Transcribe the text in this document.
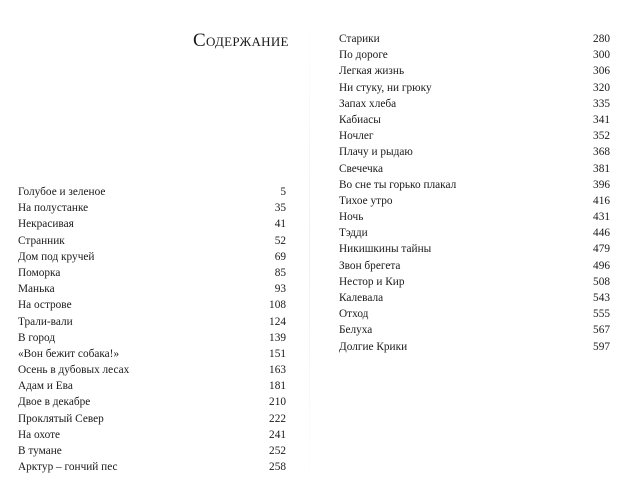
Содержание
Голубое и зеленое	5
На полустанке	35
Некрасивая	41
Странник	52
Дом под кручей	69
Поморка	85
Манька	93
На острове	108
Трали-вали	124
В город	139
«Вон бежит собака!»	151
Осень в дубовых лесах	163
Адам и Ева	181
Двое в декабре	210
Проклятый Север	222
На охоте	241
В тумане	252
Арктур – гончий пес	258
Старики	280
По дороге	300
Легкая жизнь	306
Ни стуку, ни грюку	320
Запах хлеба	335
Кабиасы	341
Ночлег	352
Плачу и рыдаю	368
Свечечка	381
Во сне ты горько плакал	396
Тихое утро	416
Ночь	431
Тэдди	446
Никишкины тайны	479
Звон брегета	496
Нестор и Кир	508
Калевала	543
Отход	555
Белуха	567
Долгие Крики	597
